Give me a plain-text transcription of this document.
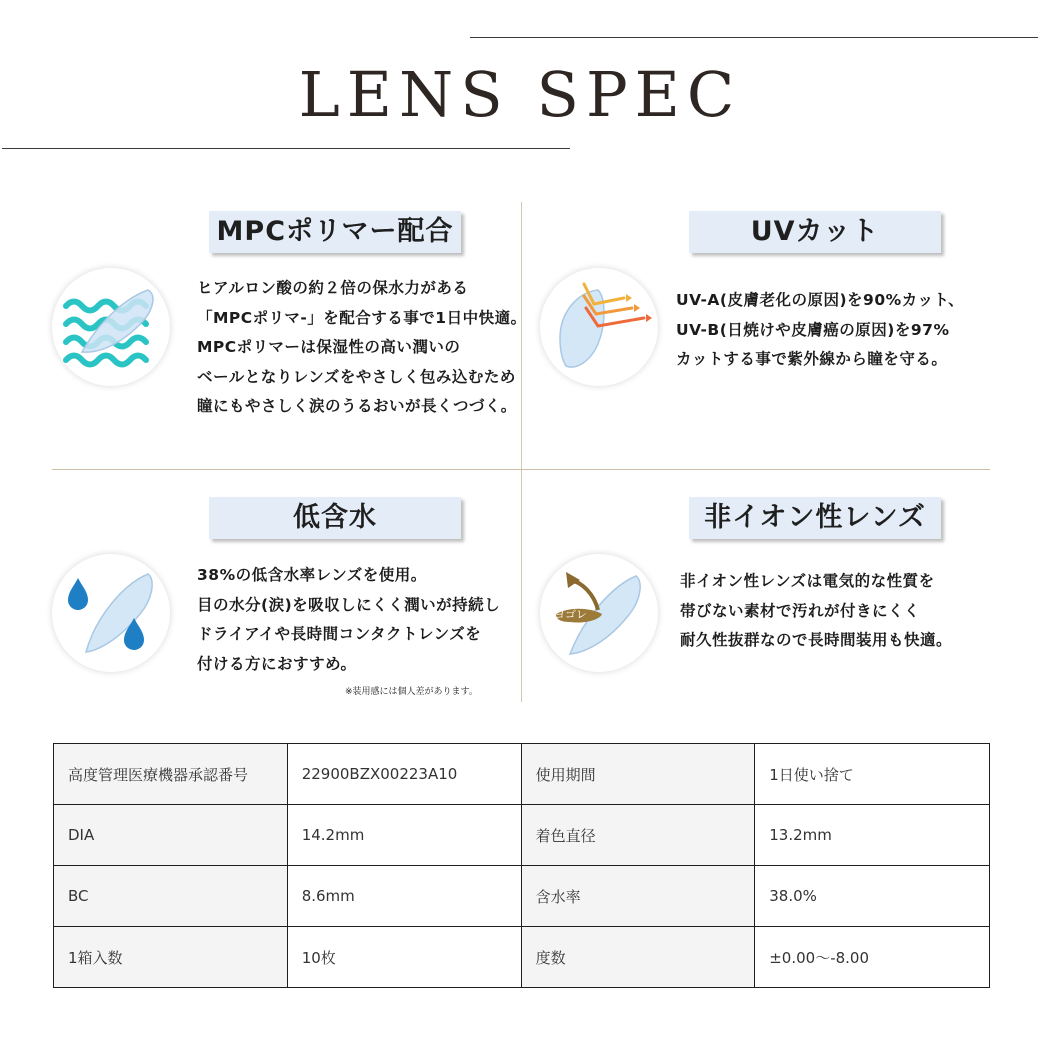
LENS SPEC
MPCポリマー配合
ヒアルロン酸の約２倍の保水力がある
「MPCポリマ-」を配合する事で1日中快適。
MPCポリマーは保湿性の高い潤いの
ベールとなりレンズをやさしく包み込むため
瞳にもやさしく涙のうるおいが長くつづく。
UVカット
UV-A(皮膚老化の原因)を90%カット、
UV-B(日焼けや皮膚癌の原因)を97%
カットする事で紫外線から瞳を守る。
低含水
38%の低含水率レンズを使用。
目の水分(涙)を吸収しにくく潤いが持続し
ドライアイや長時間コンタクトレンズを
付ける方におすすめ。
※装用感には個人差があります。
非イオン性レンズ
ヨゴレ
非イオン性レンズは電気的な性質を
帯びない素材で汚れが付きにくく
耐久性抜群なので長時間装用も快適。
高度管理医療機器承認番号	22900BZX00223A10	使用期間	1日使い捨て
DIA	14.2mm	着色直径	13.2mm
BC	8.6mm	含水率	38.0%
1箱入数	10枚	度数	±0.00～-8.00
